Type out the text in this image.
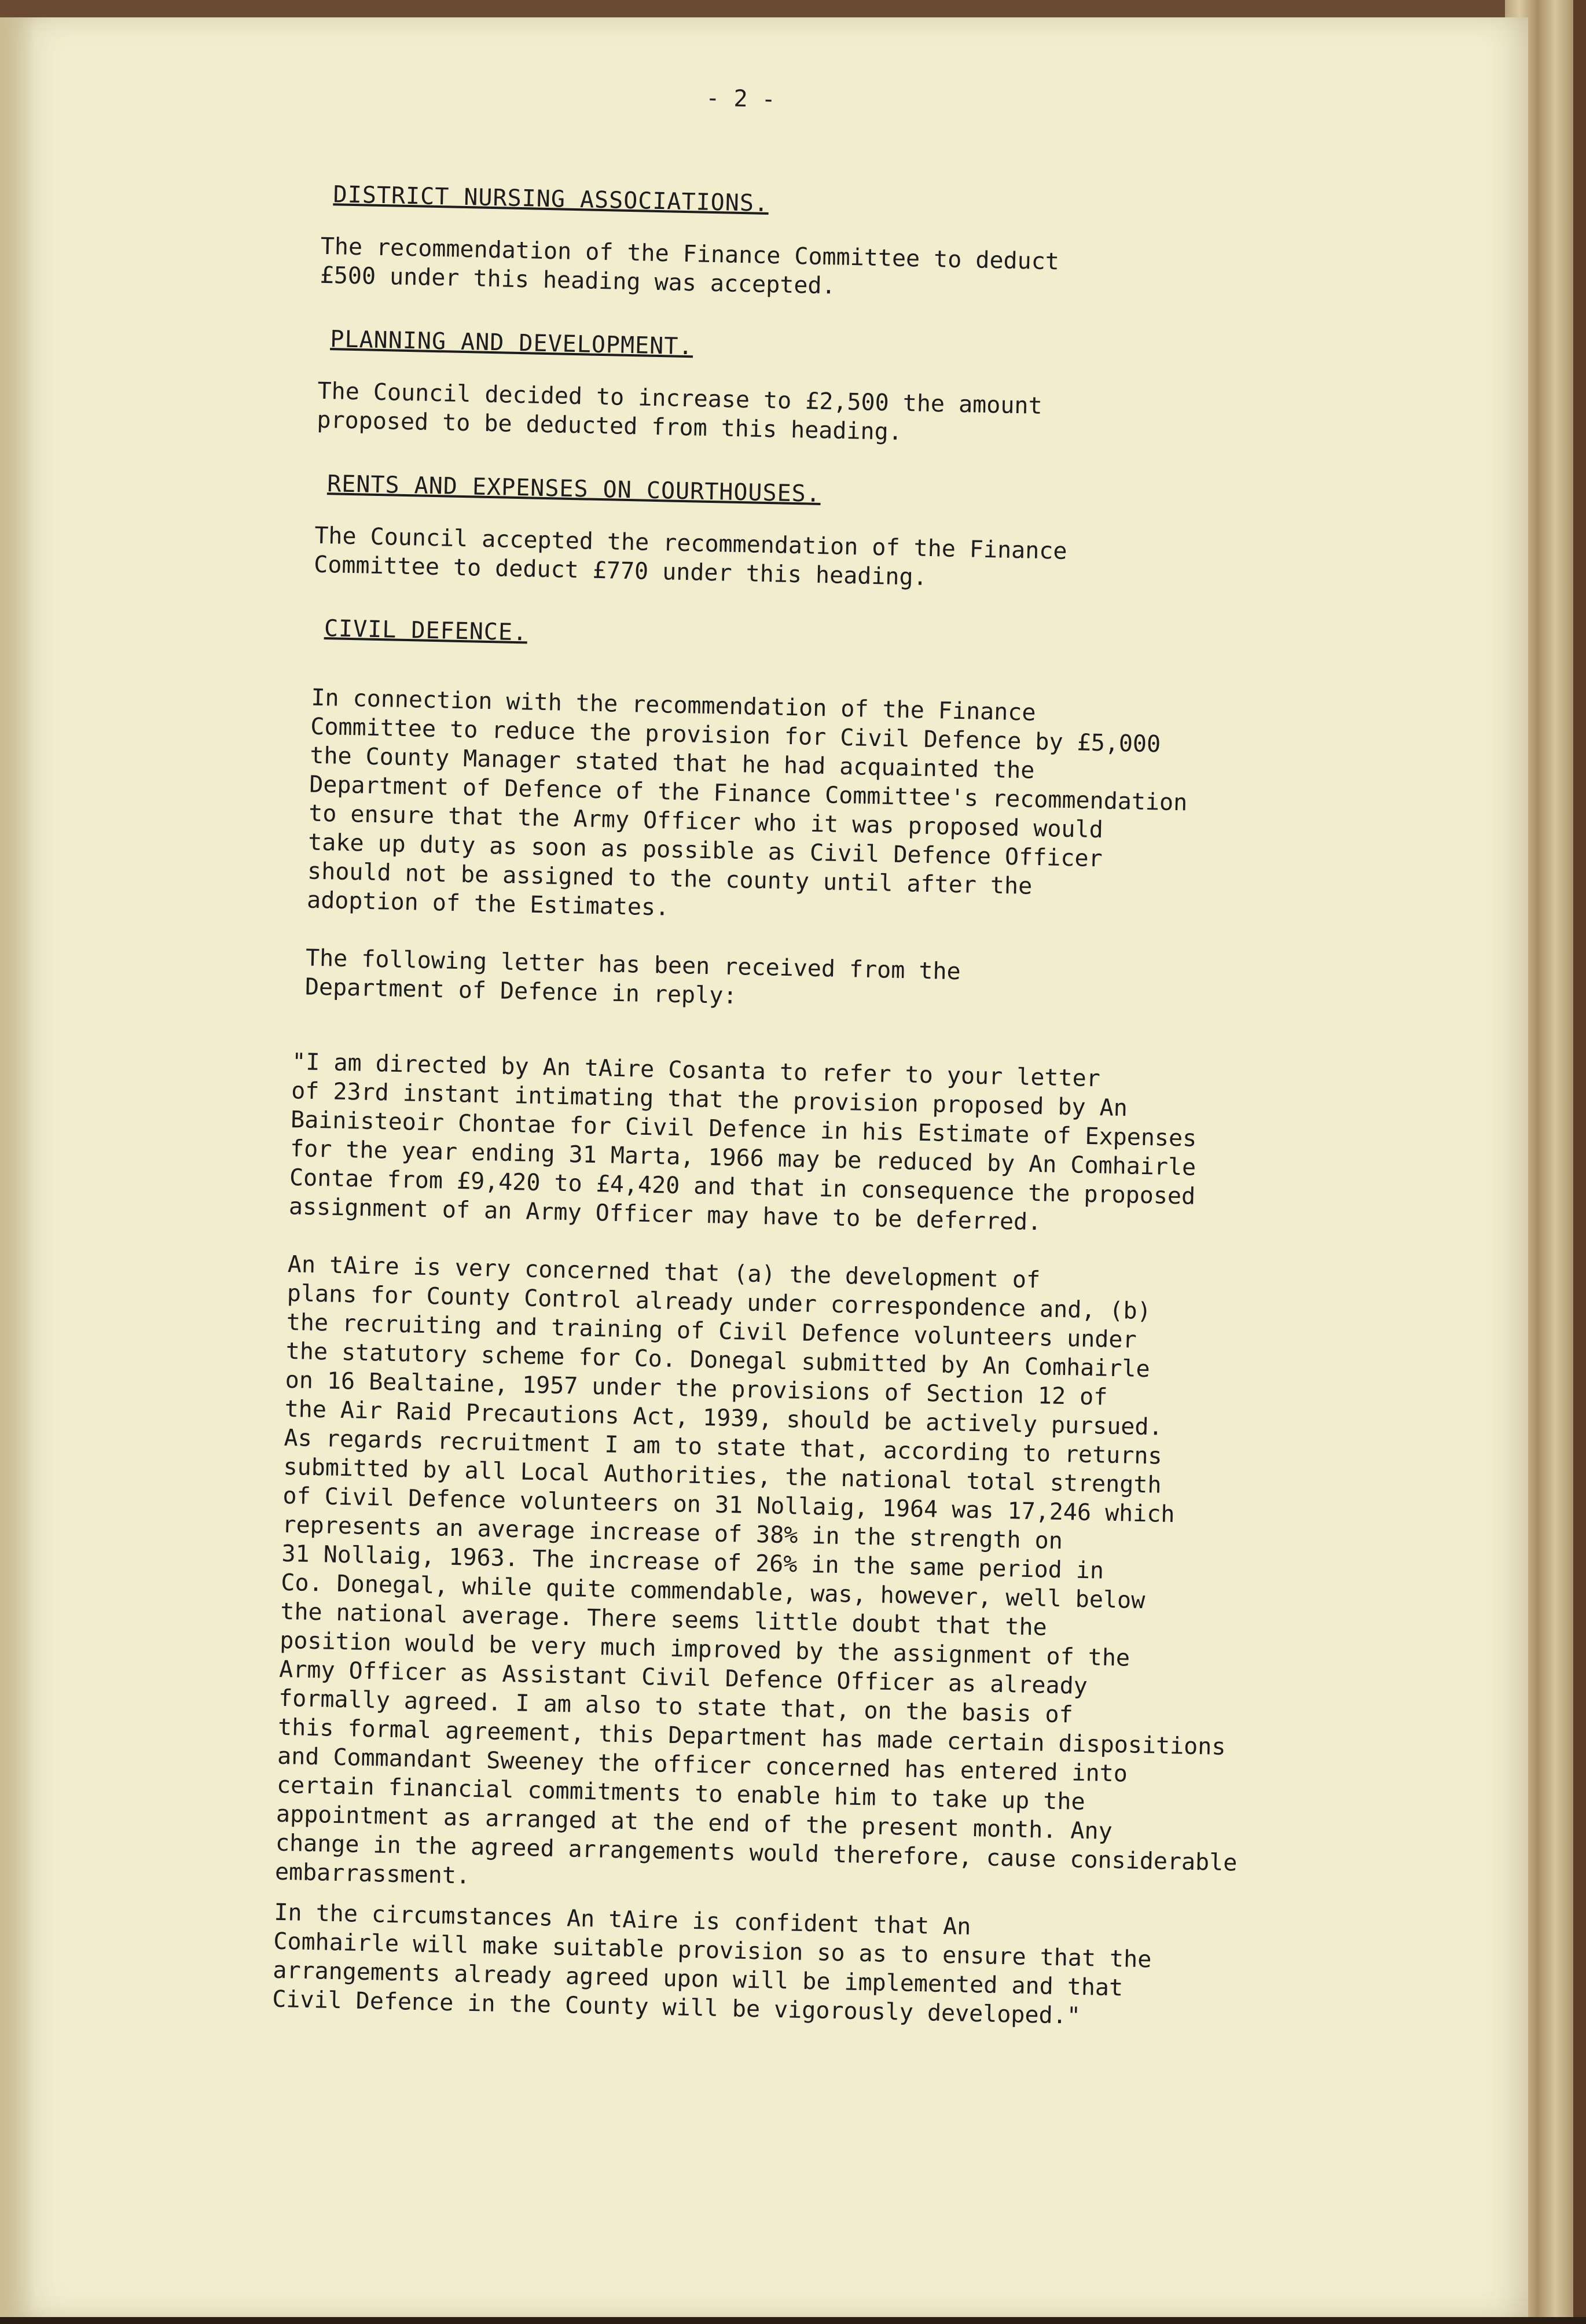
- 2 -
DISTRICT NURSING ASSOCIATIONS.
The recommendation of the Finance Committee to deduct
£500 under this heading was accepted.
PLANNING AND DEVELOPMENT.
The Council decided to increase to £2,500 the amount
proposed to be deducted from this heading.
RENTS AND EXPENSES ON COURTHOUSES.
The Council accepted the recommendation of the Finance
Committee to deduct £770 under this heading.
CIVIL DEFENCE.
In connection with the recommendation of the Finance
Committee to reduce the provision for Civil Defence by £5,000
the County Manager stated that he had acquainted the
Department of Defence of the Finance Committee's recommendation
to ensure that the Army Officer who it was proposed would
take up duty as soon as possible as Civil Defence Officer
should not be assigned to the county until after the
adoption of the Estimates.
The following letter has been received from the
Department of Defence in reply:
"I am directed by An tAire Cosanta to refer to your letter
of 23rd instant intimating that the provision proposed by An
Bainisteoir Chontae for Civil Defence in his Estimate of Expenses
for the year ending 31 Marta, 1966 may be reduced by An Comhairle
Contae from £9,420 to £4,420 and that in consequence the proposed
assignment of an Army Officer may have to be deferred.
An tAire is very concerned that (a) the development of
plans for County Control already under correspondence and, (b)
the recruiting and training of Civil Defence volunteers under
the statutory scheme for Co. Donegal submitted by An Comhairle
on 16 Bealtaine, 1957 under the provisions of Section 12 of
the Air Raid Precautions Act, 1939, should be actively pursued.
As regards recruitment I am to state that, according to returns
submitted by all Local Authorities, the national total strength
of Civil Defence volunteers on 31 Nollaig, 1964 was 17,246 which
represents an average increase of 38% in the strength on
31 Nollaig, 1963. The increase of 26% in the same period in
Co. Donegal, while quite commendable, was, however, well below
the national average. There seems little doubt that the
position would be very much improved by the assignment of the
Army Officer as Assistant Civil Defence Officer as already
formally agreed. I am also to state that, on the basis of
this formal agreement, this Department has made certain dispositions
and Commandant Sweeney the officer concerned has entered into
certain financial commitments to enable him to take up the
appointment as arranged at the end of the present month. Any
change in the agreed arrangements would therefore, cause considerable
embarrassment.
In the circumstances An tAire is confident that An
Comhairle will make suitable provision so as to ensure that the
arrangements already agreed upon will be implemented and that
Civil Defence in the County will be vigorously developed."
